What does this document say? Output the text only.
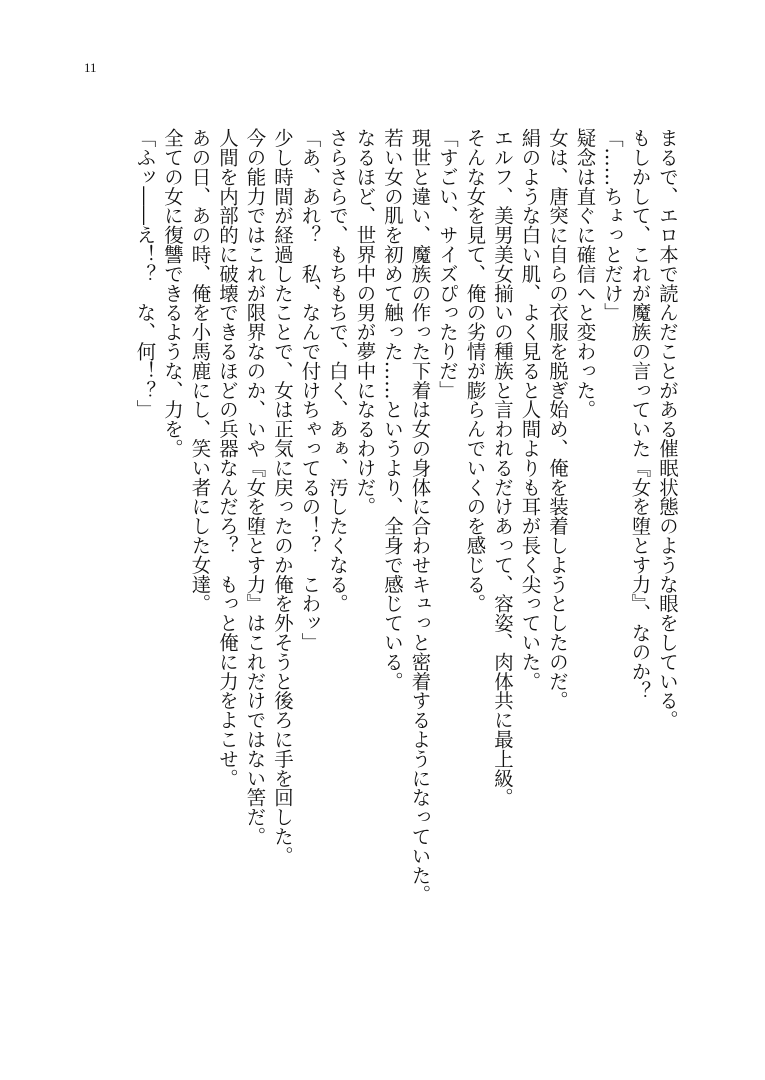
11
まるで、エロ本で読んだことがある催眠状態のような眼をしている。
もしかして、これが魔族の言っていた『女を堕とす力』、なのか？
「……ちょっとだけ」
疑念は直ぐに確信へと変わった。
女は、唐突に自らの衣服を脱ぎ始め、俺を装着しようとしたのだ。
絹のような白い肌、よく見ると人間よりも耳が長く尖っていた。
エルフ、美男美女揃いの種族と言われるだけあって、容姿、肉体共に最上級。
そんな女を見て、俺の劣情が膨らんでいくのを感じる。
「すごい、サイズぴったりだ」
現世と違い、魔族の作った下着は女の身体に合わせキュっと密着するようになっていた。
若い女の肌を初めて触った……というより、全身で感じている。
なるほど、世界中の男が夢中になるわけだ。
さらさらで、もちもちで、白く、あぁ、汚したくなる。
「あ、あれ？　私、なんで付けちゃってるの！？　こわッ」
少し時間が経過したことで、女は正気に戻ったのか俺を外そうと後ろに手を回した。
今の能力ではこれが限界なのか、いや『女を堕とす力』はこれだけではない筈だ。
人間を内部的に破壊できるほどの兵器なんだろ？　もっと俺に力をよこせ。
あの日、あの時、俺を小馬鹿にし、笑い者にした女達。
全ての女に復讐できるような、力を。
「ふッ――え！？　な、何！？」
